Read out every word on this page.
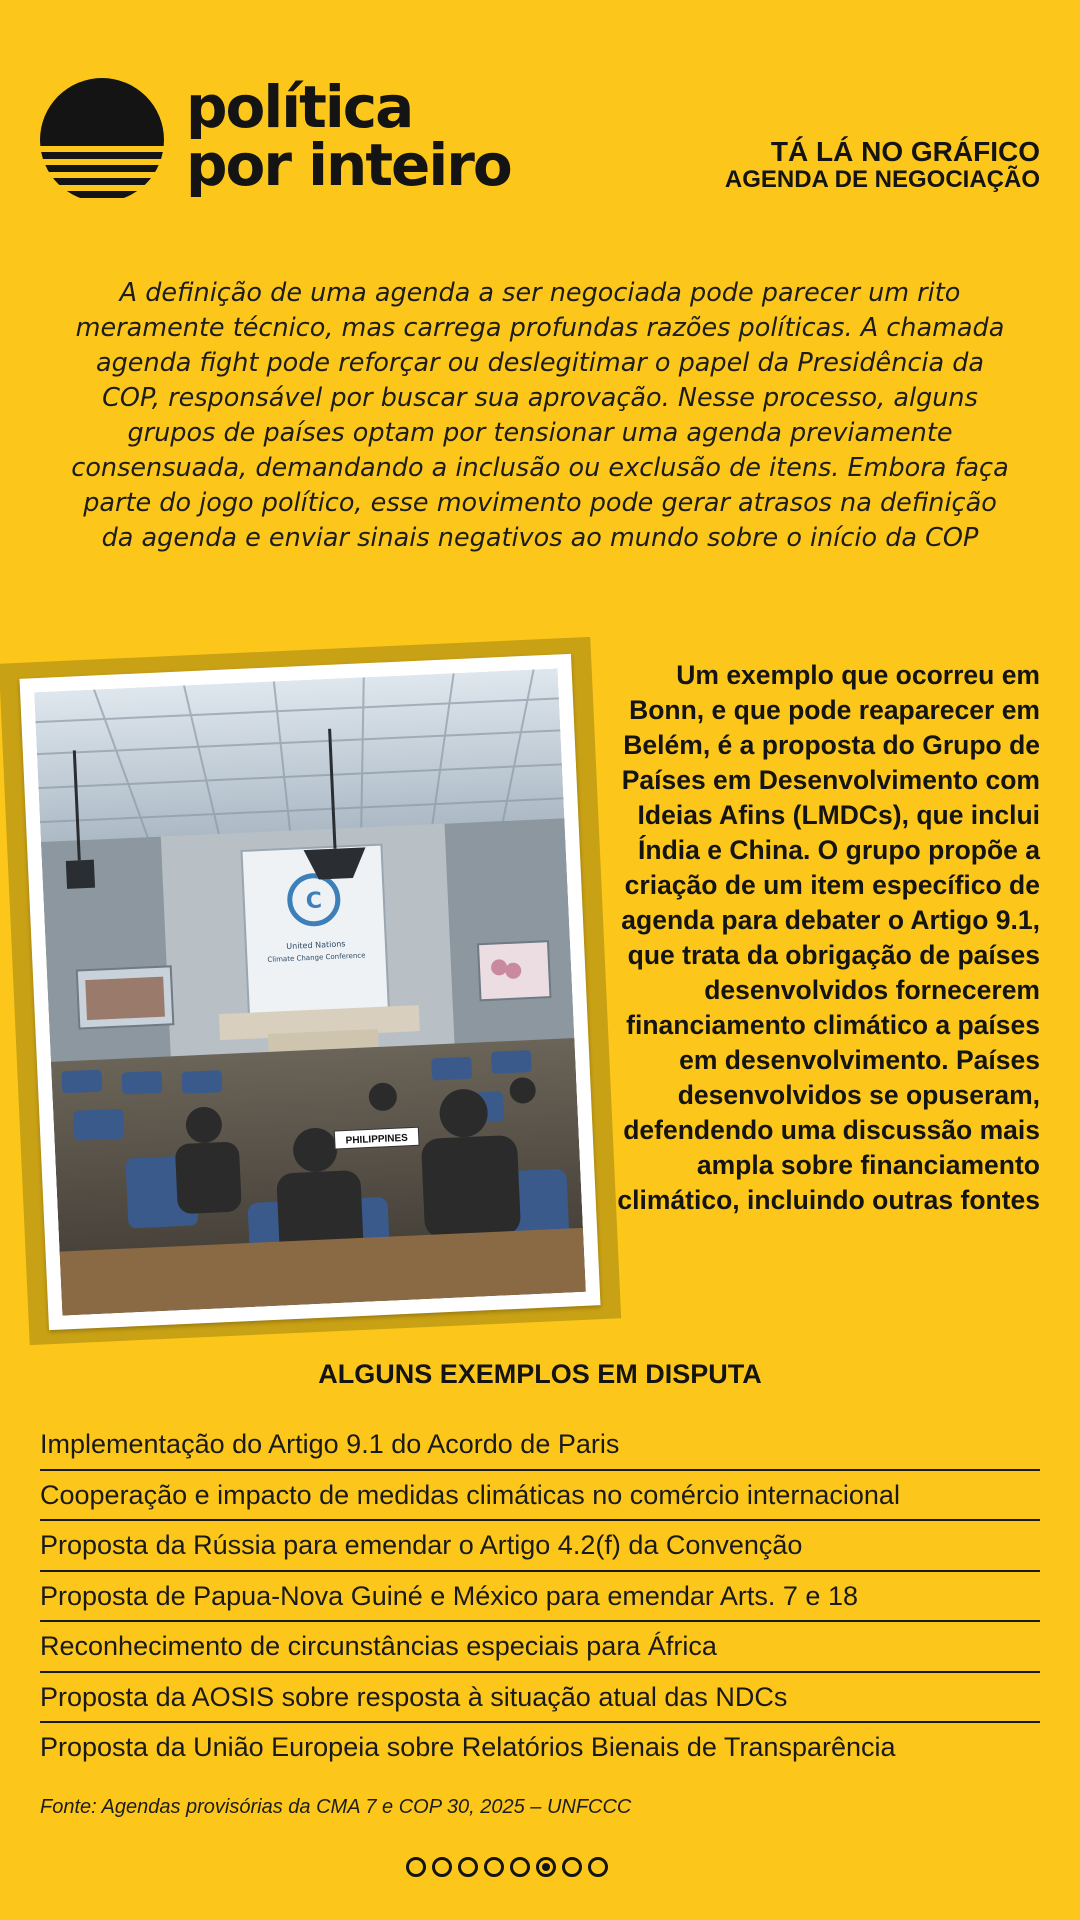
política
por inteiro	TÁ LÁ NO GRÁFICO
AGENDA DE NEGOCIAÇÃO
A definição de uma agenda a ser negociada pode parecer um rito meramente técnico, mas carrega profundas razões políticas. A chamada agenda fight pode reforçar ou deslegitimar o papel da Presidência da COP, responsável por buscar sua aprovação. Nesse processo, alguns grupos de países optam por tensionar uma agenda previamente consensuada, demandando a inclusão ou exclusão de itens. Embora faça parte do jogo político, esse movimento pode gerar atrasos na definição da agenda e enviar sinais negativos ao mundo sobre o início da COP
C
United Nations
Climate Change Conference
PHILIPPINES
Um exemplo que ocorreu em Bonn, e que pode reaparecer em Belém, é a proposta do Grupo de Países em Desenvolvimento com Ideias Afins (LMDCs), que inclui Índia e China. O grupo propõe a criação de um item específico de agenda para debater o Artigo 9.1, que trata da obrigação de países desenvolvidos fornecerem financiamento climático a países em desenvolvimento. Países desenvolvidos se opuseram, defendendo uma discussão mais ampla sobre financiamento climático, incluindo outras fontes
ALGUNS EXEMPLOS EM DISPUTA
Implementação do Artigo 9.1 do Acordo de Paris
Cooperação e impacto de medidas climáticas no comércio internacional
Proposta da Rússia para emendar o Artigo 4.2(f) da Convenção
Proposta de Papua-Nova Guiné e México para emendar Arts. 7 e 18
Reconhecimento de circunstâncias especiais para África
Proposta da AOSIS sobre resposta à situação atual das NDCs
Proposta da União Europeia sobre Relatórios Bienais de Transparência
Fonte: Agendas provisórias da CMA 7 e COP 30, 2025 – UNFCCC
